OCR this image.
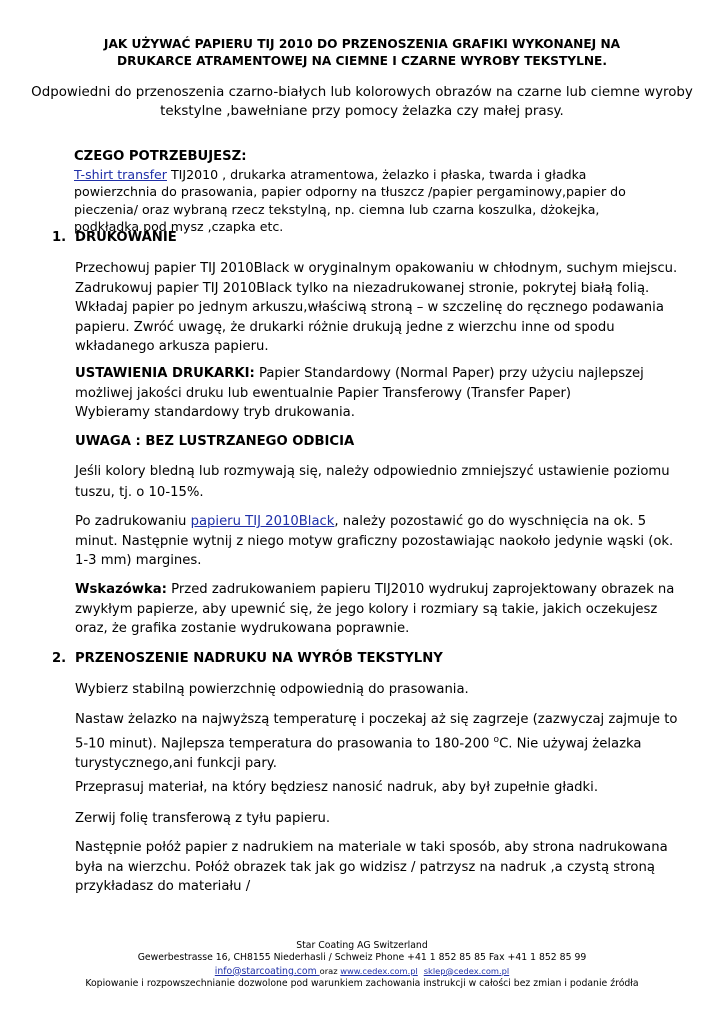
JAK UŻYWAĆ PAPIERU TIJ 2010 DO PRZENOSZENIA GRAFIKI WYKONANEJ NA
DRUKARCE ATRAMENTOWEJ NA CIEMNE I CZARNE WYROBY TEKSTYLNE.
Odpowiedni do przenoszenia czarno-białych lub kolorowych obrazów na czarne lub ciemne wyroby
tekstylne ,bawełniane przy pomocy żelazka czy małej prasy.
CZEGO POTRZEBUJESZ:
T-shirt transfer TIJ2010 , drukarka atramentowa, żelazko i płaska, twarda i gładka
powierzchnia do prasowania, papier odporny na tłuszcz /papier pergaminowy,papier do
pieczenia/ oraz wybraną rzecz tekstylną, np. ciemna lub czarna koszulka, dżokejka,
podkładka pod mysz ,czapka etc.
1. DRUKOWANIE
Przechowuj papier TIJ 2010Black w oryginalnym opakowaniu w chłodnym, suchym miejscu.
Zadrukowuj papier TIJ 2010Black tylko na niezadrukowanej stronie, pokrytej białą folią.
Wkładaj papier po jednym arkuszu,właściwą stroną – w szczelinę do ręcznego podawania
papieru. Zwróć uwagę, że drukarki różnie drukują jedne z wierzchu inne od spodu
wkładanego arkusza papieru.
USTAWIENIA DRUKARKI: Papier Standardowy (Normal Paper) przy użyciu najlepszej
możliwej jakości druku lub ewentualnie Papier Transferowy (Transfer Paper)
Wybieramy standardowy tryb drukowania.
UWAGA : BEZ LUSTRZANEGO ODBICIA
Jeśli kolory bledną lub rozmywają się, należy odpowiednio zmniejszyć ustawienie poziomu
tuszu, tj. o 10-15%.
Po zadrukowaniu papieru TIJ 2010Black, należy pozostawić go do wyschnięcia na ok. 5
minut. Następnie wytnij z niego motyw graficzny pozostawiając naokoło jedynie wąski (ok.
1-3 mm) margines.
Wskazówka: Przed zadrukowaniem papieru TIJ2010 wydrukuj zaprojektowany obrazek na
zwykłym papierze, aby upewnić się, że jego kolory i rozmiary są takie, jakich oczekujesz
oraz, że grafika zostanie wydrukowana poprawnie.
2. PRZENOSZENIE NADRUKU NA WYRÓB TEKSTYLNY
Wybierz stabilną powierzchnię odpowiednią do prasowania.
Nastaw żelazko na najwyższą temperaturę i poczekaj aż się zagrzeje (zazwyczaj zajmuje to
5-10 minut). Najlepsza temperatura do prasowania to 180-200 $^o$C. Nie używaj żelazka
turystycznego,ani funkcji pary.
Przeprasuj materiał, na który będziesz nanosić nadruk, aby był zupełnie gładki.
Zerwij folię transferową z tyłu papieru.
Następnie połóż papier z nadrukiem na materiale w taki sposób, aby strona nadrukowana
była na wierzchu. Połóż obrazek tak jak go widzisz / patrzysz na nadruk ,a czystą stroną
przykładasz do materiału /
Star Coating AG Switzerland
Gewerbestrasse 16, CH8155 Niederhasli / Schweiz Phone +41 1 852 85 85 Fax +41 1 852 85 99
info@starcoating.com oraz www.cedex.com.pl sklep@cedex.com.pl
Kopiowanie i rozpowszechnianie dozwolone pod warunkiem zachowania instrukcji w całości bez zmian i podanie źródła
